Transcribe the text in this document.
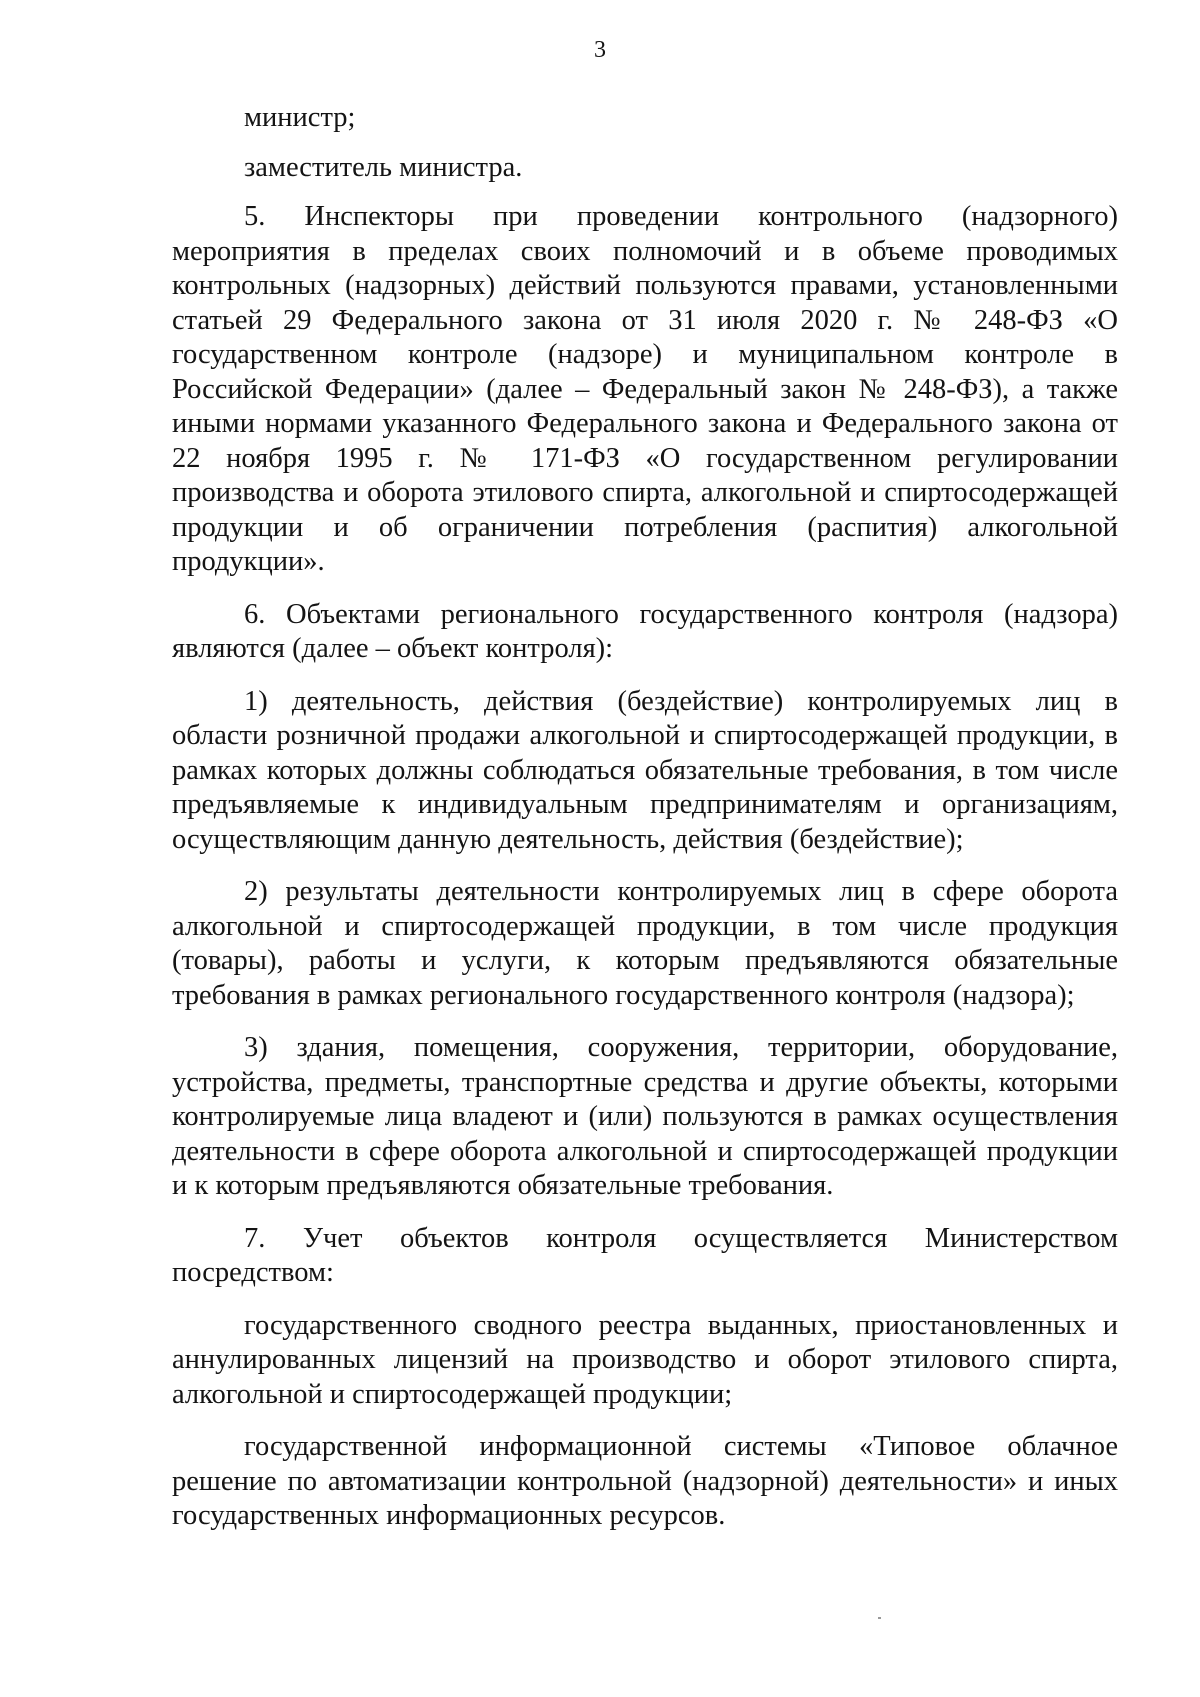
3

министр;

заместитель министра.

5. Инспекторы при проведении контрольного (надзорного) мероприятия в пределах своих полномочий и в объеме проводимых контрольных (надзорных) действий пользуются правами, установленными статьей 29 Федерального закона от 31 июля 2020 г. № 248-ФЗ «О государственном контроле (надзоре) и муниципальном контроле в Российской Федерации» (далее – Федеральный закон № 248-ФЗ), а также иными нормами указанного Федерального закона и Федерального закона от 22 ноября 1995 г. № 171-ФЗ «О государственном регулировании производства и оборота этилового спирта, алкогольной и спиртосодержащей продукции и об ограничении потребления (распития) алкогольной продукции».

6. Объектами регионального государственного контроля (надзора) являются (далее – объект контроля):

1) деятельность, действия (бездействие) контролируемых лиц в области розничной продажи алкогольной и спиртосодержащей продукции, в рамках которых должны соблюдаться обязательные требования, в том числе предъявляемые к индивидуальным предпринимателям и организациям, осуществляющим данную деятельность, действия (бездействие);

2) результаты деятельности контролируемых лиц в сфере оборота алкогольной и спиртосодержащей продукции, в том числе продукция (товары), работы и услуги, к которым предъявляются обязательные требования в рамках регионального государственного контроля (надзора);

3) здания, помещения, сооружения, территории, оборудование, устройства, предметы, транспортные средства и другие объекты, которыми контролируемые лица владеют и (или) пользуются в рамках осуществления деятельности в сфере оборота алкогольной и спиртосодержащей продукции и к которым предъявляются обязательные требования.

7. Учет объектов контроля осуществляется Министерством посредством:

государственного сводного реестра выданных, приостановленных и аннулированных лицензий на производство и оборот этилового спирта, алкогольной и спиртосодержащей продукции;

государственной информационной системы «Типовое облачное решение по автоматизации контрольной (надзорной) деятельности» и иных государственных информационных ресурсов.
